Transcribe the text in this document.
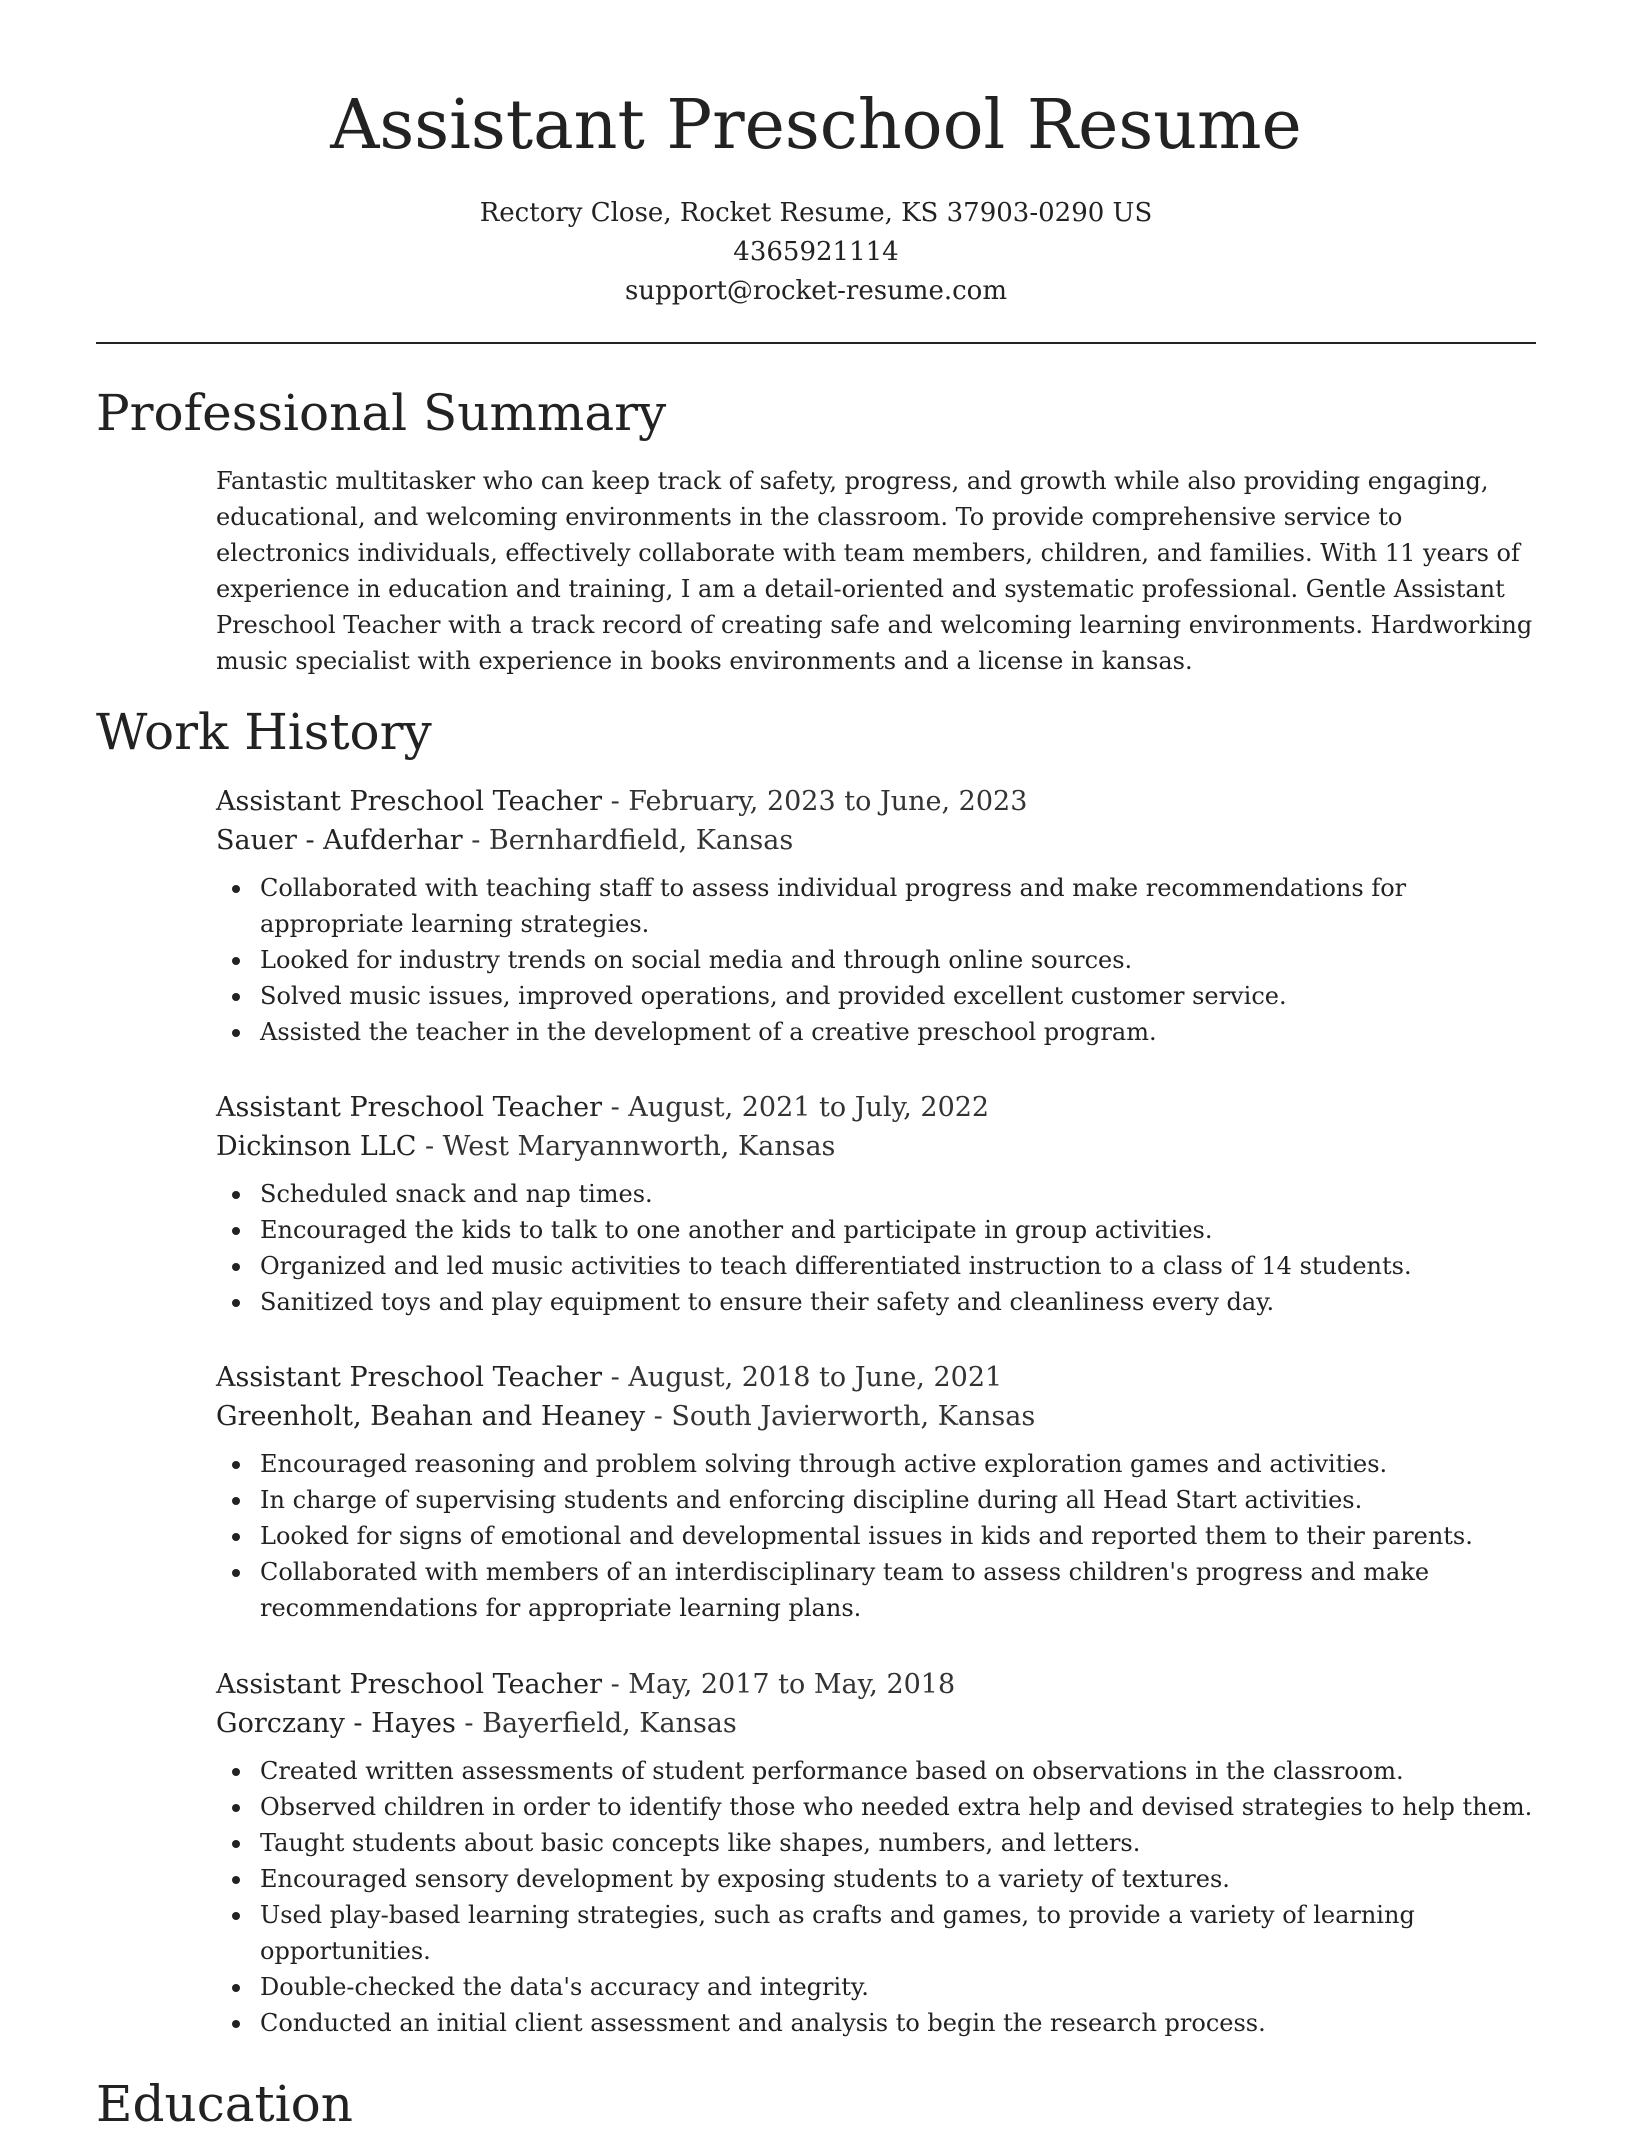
Assistant Preschool Resume
Rectory Close, Rocket Resume, KS 37903-0290 US
4365921114
support@rocket-resume.com
Professional Summary

Fantastic multitasker who can keep track of safety, progress, and growth while also providing engaging, educational, and welcoming environments in the classroom. To provide comprehensive service to electronics individuals, effectively collaborate with team members, children, and families. With 11 years of experience in education and training, I am a detail-oriented and systematic professional. Gentle Assistant Preschool Teacher with a track record of creating safe and welcoming learning environments. Hardworking music specialist with experience in books environments and a license in kansas.

Work History

Assistant Preschool Teacher - February, 2023 to June, 2023

Sauer - Aufderhar - Bernhardfield, Kansas

Collaborated with teaching staff to assess individual progress and make recommendations for appropriate learning strategies.
Looked for industry trends on social media and through online sources.
Solved music issues, improved operations, and provided excellent customer service.
Assisted the teacher in the development of a creative preschool program.

Assistant Preschool Teacher - August, 2021 to July, 2022

Dickinson LLC - West Maryannworth, Kansas

Scheduled snack and nap times.
Encouraged the kids to talk to one another and participate in group activities.
Organized and led music activities to teach differentiated instruction to a class of 14 students.
Sanitized toys and play equipment to ensure their safety and cleanliness every day.

Assistant Preschool Teacher - August, 2018 to June, 2021

Greenholt, Beahan and Heaney - South Javierworth, Kansas

Encouraged reasoning and problem solving through active exploration games and activities.
In charge of supervising students and enforcing discipline during all Head Start activities.
Looked for signs of emotional and developmental issues in kids and reported them to their parents.
Collaborated with members of an interdisciplinary team to assess children's progress and make recommendations for appropriate learning plans.

Assistant Preschool Teacher - May, 2017 to May, 2018

Gorczany - Hayes - Bayerfield, Kansas

Created written assessments of student performance based on observations in the classroom.
Observed children in order to identify those who needed extra help and devised strategies to help them.
Taught students about basic concepts like shapes, numbers, and letters.
Encouraged sensory development by exposing students to a variety of textures.
Used play-based learning strategies, such as crafts and games, to provide a variety of learning opportunities.
Double-checked the data's accuracy and integrity.
Conducted an initial client assessment and analysis to begin the research process.
Education
